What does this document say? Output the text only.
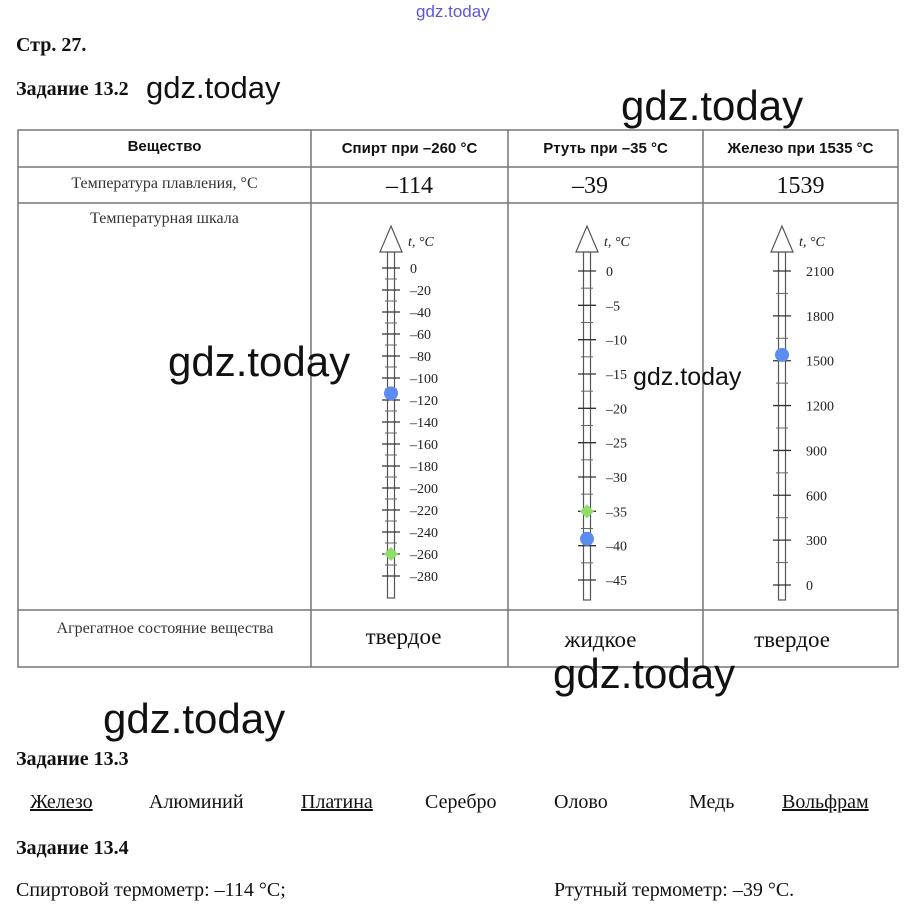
gdz.today
Стр. 27.
Задание 13.2 gdz.today	gdz.today
Вещество	Спирт при –260 °С	Ртуть при –35 °С	Железо при 1535 °С
Температура плавления, °С	–114	–39	1539
Температурная шкала
t, °С
0
–20
–40
–60
–80
–100
–120
–140
–160
–180
–200
–220
–240
–260
–280
t, °С
0
–5
–10
–15
–20
–25
–30
–35
–40
–45
t, °С
2100
1800
1500
1200
900
600
300
0
Агрегатное состояние вещества	твердое	жидкое	твердое
gdz.today	gdz.today
gdz.today
gdz.today
Задание 13.3
Железо	Алюминий	Платина	Серебро	Олово	Медь Вольфрам
Задание 13.4
Спиртовой термометр: –114 °С;	Ртутный термометр: –39 °С.
